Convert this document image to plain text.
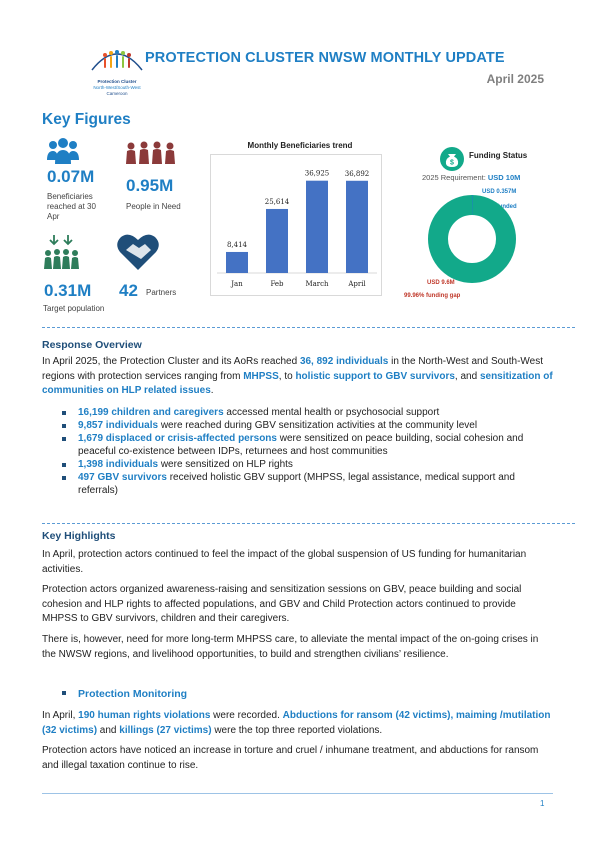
Protection Cluster
North-West/South-West
Cameroon
PROTECTION CLUSTER NWSW MONTHLY UPDATE
April 2025
Key Figures
0.07M
Beneficiaries
reached at 30
Apr
0.95M
People in Need
0.31M
Target population
42 Partners
Monthly Beneficiaries trend
8,414
Jan
25,614
Feb
36,925
March
36,892
April
$
Funding Status
2025 Requirement: USD 10M
USD 0.357M
0.04% funded
USD 9.6M
99.96% funding gap
Response Overview
In April 2025, the Protection Cluster and its AoRs reached 36, 892 individuals in the North-West and South-West regions with protection services ranging from MHPSS, to holistic support to GBV survivors, and sensitization of communities on HLP related issues.
16,199 children and caregivers accessed mental health or psychosocial support
9,857 individuals were reached during GBV sensitization activities at the community level
1,679 displaced or crisis-affected persons were sensitized on peace building, social cohesion and peaceful co-existence between IDPs, returnees and host communities
1,398 individuals were sensitized on HLP rights
497 GBV survivors received holistic GBV support (MHPSS, legal assistance, medical support and referrals)
Key Highlights
In April, protection actors continued to feel the impact of the global suspension of US funding for humanitarian activities.
Protection actors organized awareness-raising and sensitization sessions on GBV, peace building and social cohesion and HLP rights to affected populations, and GBV and Child Protection actors continued to provide MHPSS to GBV survivors, children and their caregivers.
There is, however, need for more long-term MHPSS care, to alleviate the mental impact of the on-going crises in the NWSW regions, and livelihood opportunities, to build and strengthen civilians’ resilience.
Protection Monitoring
In April, 190 human rights violations were recorded. Abductions for ransom (42 victims), maiming /mutilation (32 victims) and killings (27 victims) were the top three reported violations.
Protection actors have noticed an increase in torture and cruel / inhumane treatment, and abductions for ransom and illegal taxation continue to rise.
1
